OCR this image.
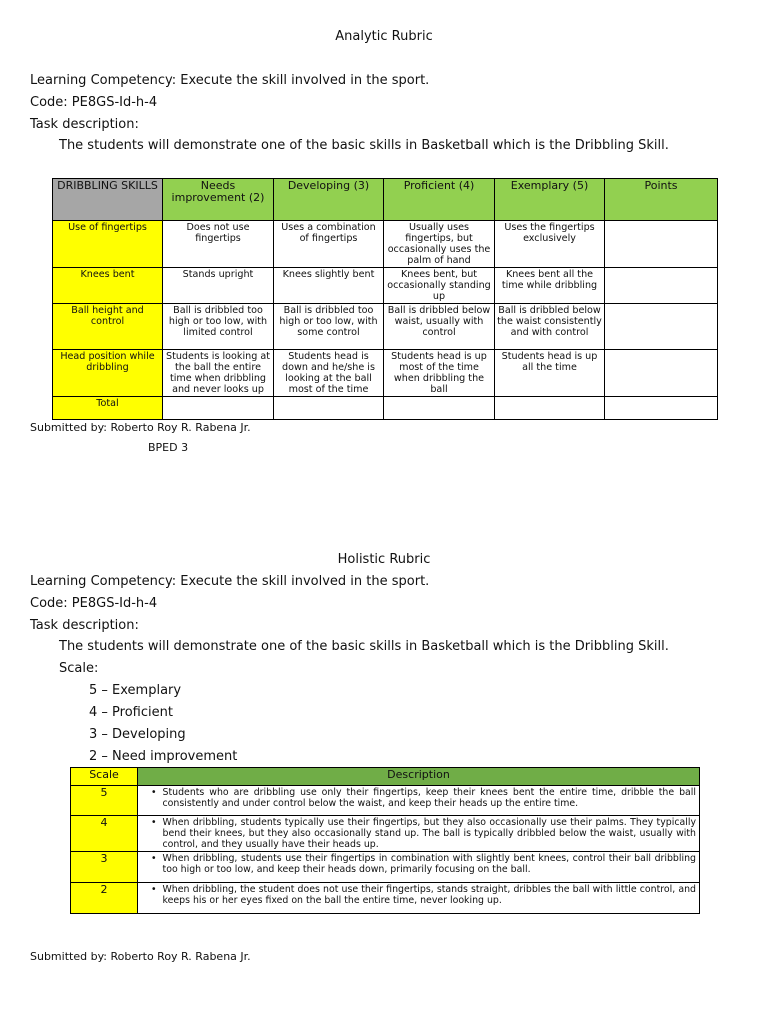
Analytic Rubric
Learning Competency: Execute the skill involved in the sport.
Code: PE8GS-Id-h-4
Task description:
The students will demonstrate one of the basic skills in Basketball which is the Dribbling Skill.
DRIBBLING SKILLS	Needs improvement (2)	Developing (3)	Proficient (4)	Exemplary (5)	Points
Use of fingertips	Does not use fingertips	Uses a combination of fingertips	Usually uses fingertips, but occasionally uses the palm of hand	Uses the fingertips exclusively	
Knees bent	Stands upright	Knees slightly bent	Knees bent, but occasionally standing up	Knees bent all the time while dribbling	
Ball height and control	Ball is dribbled too high or too low, with limited control	Ball is dribbled too high or too low, with some control	Ball is dribbled below waist, usually with control	Ball is dribbled below the waist consistently and with control	
Head position while dribbling	Students is looking at the ball the entire time when dribbling and never looks up	Students head is down and he/she is looking at the ball most of the time	Students head is up most of the time when dribbling the ball	Students head is up all the time	
Total					
Submitted by: Roberto Roy R. Rabena Jr.
BPED 3
Holistic Rubric
Learning Competency: Execute the skill involved in the sport.
Code: PE8GS-Id-h-4
Task description:
The students will demonstrate one of the basic skills in Basketball which is the Dribbling Skill.
Scale:
5 – Exemplary
4 – Proficient
3 – Developing
2 – Need improvement
Scale	Description
5	• Students who are dribbling use only their fingertips, keep their knees bent the entire time, dribble the ball consistently and under control below the waist, and keep their heads up the entire time.

4	• When dribbling, students typically use their fingertips, but they also occasionally use their palms. They typically bend their knees, but they also occasionally stand up. The ball is typically dribbled below the waist, usually with control, and they usually have their heads up.

3	• When dribbling, students use their fingertips in combination with slightly bent knees, control their ball dribbling too high or too low, and keep their heads down, primarily focusing on the ball.

2	• When dribbling, the student does not use their fingertips, stands straight, dribbles the ball with little control, and keeps his or her eyes fixed on the ball the entire time, never looking up.
Submitted by: Roberto Roy R. Rabena Jr.
